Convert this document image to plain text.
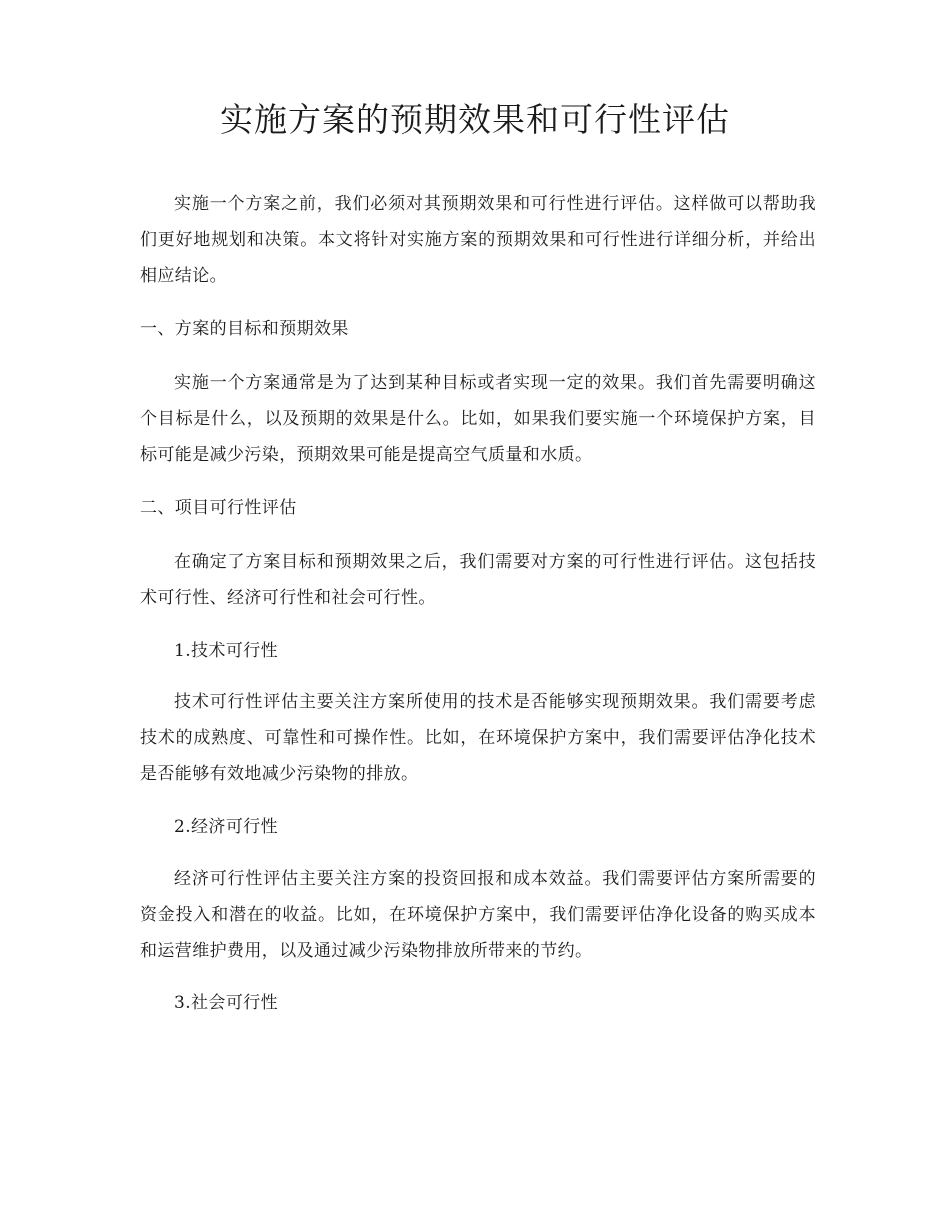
实施方案的预期效果和可行性评估

实施一个方案之前，我们必须对其预期效果和可行性进行评估。这样做可以帮助我们更好地规划和决策。本文将针对实施方案的预期效果和可行性进行详细分析，并给出相应结论。

一、方案的目标和预期效果

实施一个方案通常是为了达到某种目标或者实现一定的效果。我们首先需要明确这个目标是什么，以及预期的效果是什么。比如，如果我们要实施一个环境保护方案，目标可能是减少污染，预期效果可能是提高空气质量和水质。

二、项目可行性评估

在确定了方案目标和预期效果之后，我们需要对方案的可行性进行评估。这包括技术可行性、经济可行性和社会可行性。

1.技术可行性

技术可行性评估主要关注方案所使用的技术是否能够实现预期效果。我们需要考虑技术的成熟度、可靠性和可操作性。比如，在环境保护方案中，我们需要评估净化技术是否能够有效地减少污染物的排放。

2.经济可行性

经济可行性评估主要关注方案的投资回报和成本效益。我们需要评估方案所需要的资金投入和潜在的收益。比如，在环境保护方案中，我们需要评估净化设备的购买成本和运营维护费用，以及通过减少污染物排放所带来的节约。

3.社会可行性
